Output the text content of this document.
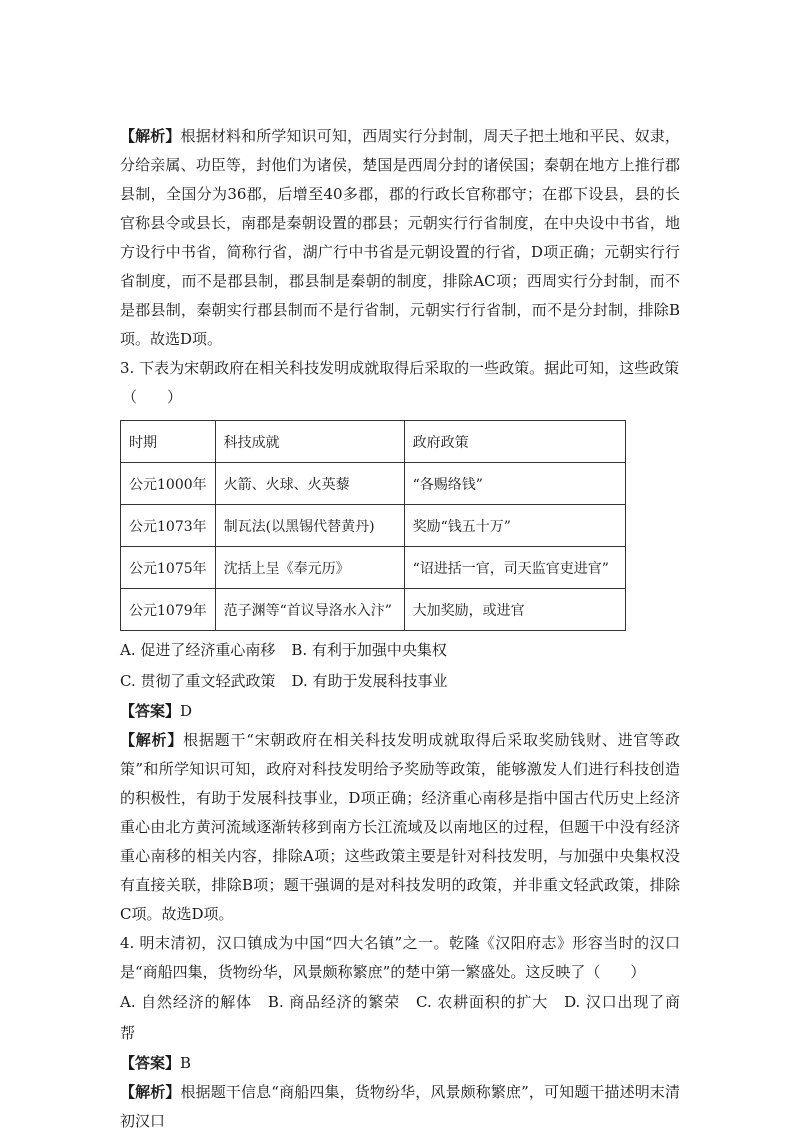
【解析】根据材料和所学知识可知，西周实行分封制，周天子把土地和平民、奴隶，分给亲属、功臣等，封他们为诸侯，楚国是西周分封的诸侯国；秦朝在地方上推行郡县制，全国分为36郡，后增至40多郡，郡的行政长官称郡守；在郡下设县，县的长官称县令或县长，南郡是秦朝设置的郡县；元朝实行行省制度，在中央设中书省，地方设行中书省，简称行省，湖广行中书省是元朝设置的行省，D项正确；元朝实行行省制度，而不是郡县制，郡县制是秦朝的制度，排除AC项；西周实行分封制，而不是郡县制，秦朝实行郡县制而不是行省制，元朝实行行省制，而不是分封制，排除B项。故选D项。

3. 下表为宋朝政府在相关科技发明成就取得后采取的一些政策。据此可知，这些政策
（　　）

时期	科技成就	政府政策
公元1000年	火箭、火球、火英藜	“各赐络钱”
公元1073年	制瓦法(以黑锡代替黄丹)	奖励“钱五十万”
公元1075年	沈括上呈《奉元历》	“诏进括一官，司天监官吏进官”
公元1079年	范子渊等“首议导洛水入汴”	大加奖励，或进官

A. 促进了经济重心南移 B. 有利于加强中央集权

C. 贯彻了重文轻武政策 D. 有助于发展科技事业

【答案】D

【解析】根据题干“宋朝政府在相关科技发明成就取得后采取奖励钱财、进官等政策”和所学知识可知，政府对科技发明给予奖励等政策，能够激发人们进行科技创造的积极性，有助于发展科技事业，D项正确；经济重心南移是指中国古代历史上经济重心由北方黄河流域逐渐转移到南方长江流域及以南地区的过程，但题干中没有经济重心南移的相关内容，排除A项；这些政策主要是针对科技发明，与加强中央集权没有直接关联，排除B项；题干强调的是对科技发明的政策，并非重文轻武政策，排除C项。故选D项。

4. 明末清初，汉口镇成为中国“四大名镇”之一。乾隆《汉阳府志》形容当时的汉口是“商船四集，货物纷华，风景颇称繁庶”的楚中第一繁盛处。这反映了（　　）

A. 自然经济的解体 B. 商品经济的繁荣 C. 农耕面积的扩大 D. 汉口出现了商帮

【答案】B

【解析】根据题干信息“商船四集，货物纷华，风景颇称繁庶”，可知题干描述明末清初汉口
